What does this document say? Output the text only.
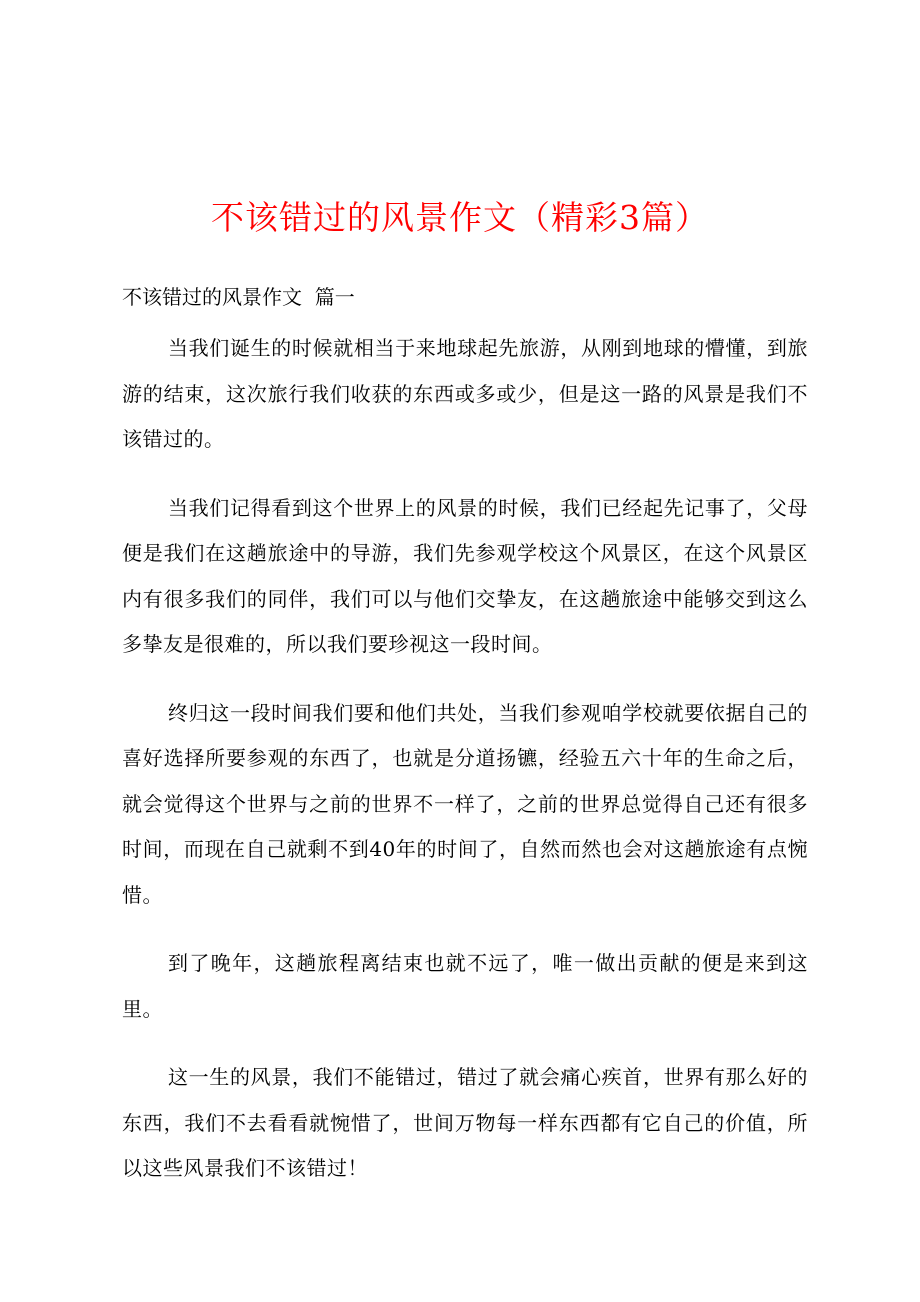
不该错过的风景作文（精彩3篇）
不该错过的风景作文  篇一

当我们诞生的时候就相当于来地球起先旅游，从刚到地球的懵懂，到旅游的结束，这次旅行我们收获的东西或多或少，但是这一路的风景是我们不该错过的。

当我们记得看到这个世界上的风景的时候，我们已经起先记事了，父母便是我们在这趟旅途中的导游，我们先参观学校这个风景区，在这个风景区内有很多我们的同伴，我们可以与他们交挚友，在这趟旅途中能够交到这么多挚友是很难的，所以我们要珍视这一段时间。

终归这一段时间我们要和他们共处，当我们参观咱学校就要依据自己的喜好选择所要参观的东西了，也就是分道扬镳，经验五六十年的生命之后，就会觉得这个世界与之前的世界不一样了，之前的世界总觉得自己还有很多时间，而现在自己就剩不到40年的时间了，自然而然也会对这趟旅途有点惋惜。

到了晚年，这趟旅程离结束也就不远了，唯一做出贡献的便是来到这里。

这一生的风景，我们不能错过，错过了就会痛心疾首，世界有那么好的东西，我们不去看看就惋惜了，世间万物每一样东西都有它自己的价值，所以这些风景我们不该错过！
